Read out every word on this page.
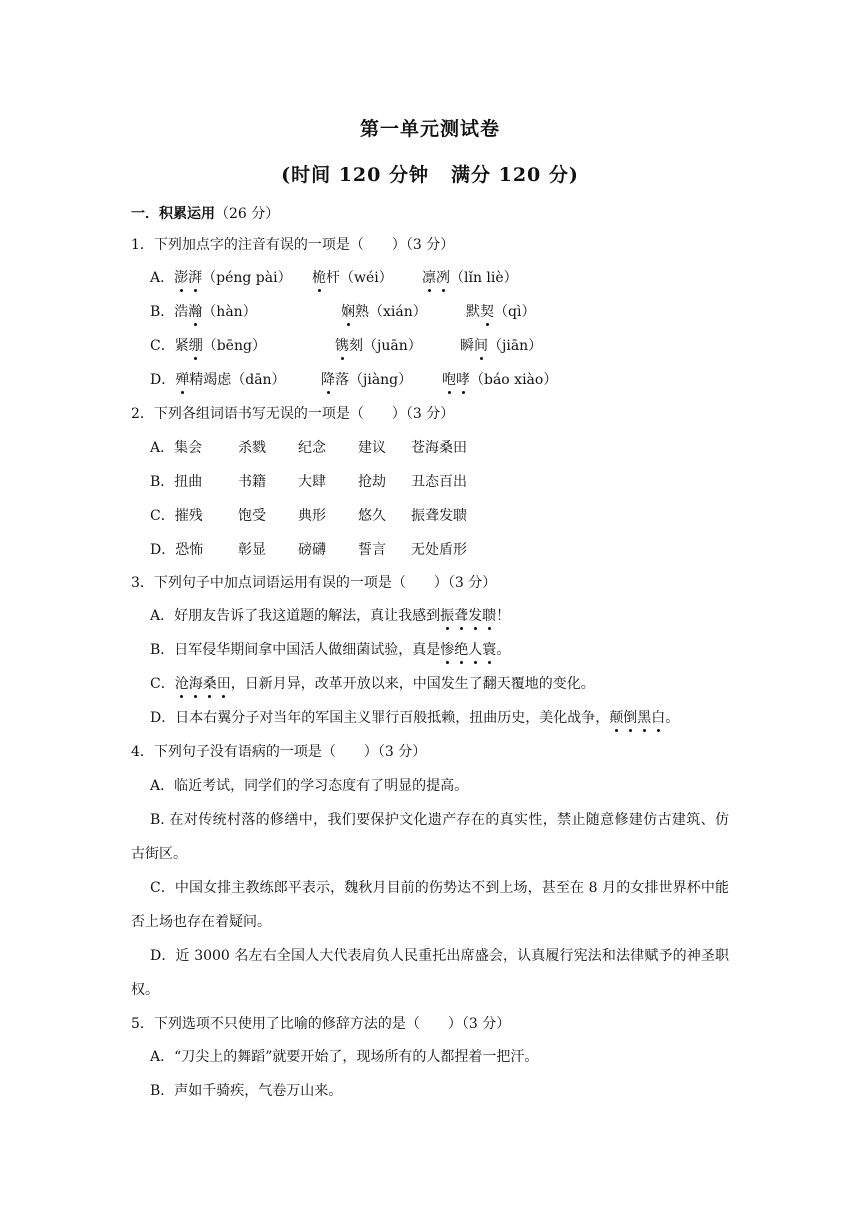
第一单元测试卷
(时间 120 分钟 满分 120 分)
一．积累运用（26 分）
1．下列加点字的注音有误的一项是（　　）（3 分）
A．澎湃（péng pài） 桅杆（wéi） 凛冽（lǐn liè）
B．浩瀚（hàn）	娴熟（xián）	默契（qì）
C．紧绷（bēng）	镌刻（juān）	瞬间（jiān）
D．殚精竭虑（dān）	降落（jiàng） 咆哮（báo xiào）
2．下列各组词语书写无误的一项是（　　）（3 分）
A．集会	杀戮 纪念 建议 苍海桑田
B．扭曲	书籍 大肆 抢劫 丑态百出
C．摧残	饱受 典形 悠久 振聋发聩
D．恐怖 彰显 磅礴 誓言 无处盾形
3．下列句子中加点词语运用有误的一项是（　　）（3 分）
A．好朋友告诉了我这道题的解法，真让我感到振聋发聩！
B．日军侵华期间拿中国活人做细菌试验，真是惨绝人寰。
C．沧海桑田，日新月异，改革开放以来，中国发生了翻天覆地的变化。
D．日本右翼分子对当年的军国主义罪行百般抵赖，扭曲历史，美化战争，颠倒黑白。
4．下列句子没有语病的一项是（　　）（3 分）
A．临近考试，同学们的学习态度有了明显的提高。
B. 在对传统村落的修缮中，我们要保护文化遗产存在的真实性，禁止随意修建仿古建筑、仿古街区。
C．中国女排主教练郎平表示，魏秋月目前的伤势达不到上场，甚至在 8 月的女排世界杯中能否上场也存在着疑问。
D．近 3000 名左右全国人大代表肩负人民重托出席盛会，认真履行宪法和法律赋予的神圣职权。
5．下列选项不只使用了比喻的修辞方法的是（　　）（3 分）
A．“刀尖上的舞蹈”就要开始了，现场所有的人都捏着一把汗。
B．声如千骑疾，气卷万山来。
